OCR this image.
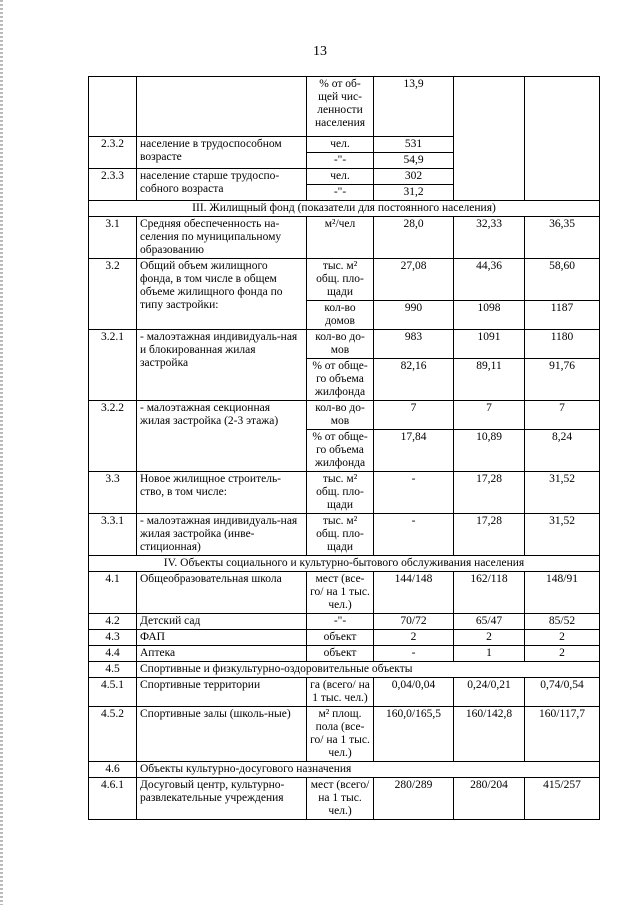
13
		% от об-щей чис-ленности населения	13,9		
2.3.2	население в трудоспособном возрасте	чел.	531		
		-"-	54,9		
2.3.3	население старше трудоспо-собного возраста	чел.	302		
		-"-	31,2		
III. Жилищный фонд (показатели для постоянного населения)					
3.1	Средняя обеспеченность на-селения по муниципальному образованию	м²/чел	28,0	32,33	36,35
3.2	Общий объем жилищного фонда, в том числе в общем объеме жилищного фонда по типу застройки:	тыс. м² общ. пло-щади	27,08	44,36	58,60
		кол-во домов	990	1098	1187
3.2.1	- малоэтажная индивидуаль-ная и блокированная жилая застройка	кол-во до-мов	983	1091	1180
		% от обще-го объема жилфонда	82,16	89,11	91,76
3.2.2	- малоэтажная секционная жилая застройка (2-3 этажа)	кол-во до-мов	7	7	7
		% от обще-го объема жилфонда	17,84	10,89	8,24
3.3	Новое жилищное строитель-ство, в том числе:	тыс. м² общ. пло-щади	-	17,28	31,52
3.3.1	- малоэтажная индивидуаль-ная жилая застройка (инве-стиционная)	тыс. м² общ. пло-щади	-	17,28	31,52
IV. Объекты социального и культурно-бытового обслуживания населения					
4.1	Общеобразовательная школа	мест (все-го/ на 1 тыс. чел.)	144/148	162/118	148/91
4.2	Детский сад	-"-	70/72	65/47	85/52
4.3	ФАП	объект	2	2	2
4.4	Аптека	объект	-	1	2
4.5	Спортивные и физкультурно-оздоровительные объекты				
4.5.1	Спортивные территории	га (всего/ на 1 тыс. чел.)	0,04/0,04	0,24/0,21	0,74/0,54
4.5.2	Спортивные залы (школь-ные)	м² площ. пола (все-го/ на 1 тыс. чел.)	160,0/165,5	160/142,8	160/117,7
4.6	Объекты культурно-досугового назначения				
4.6.1	Досуговый центр, культурно-развлекательные учреждения	мест (всего/ на 1 тыс. чел.)	280/289	280/204	415/257
